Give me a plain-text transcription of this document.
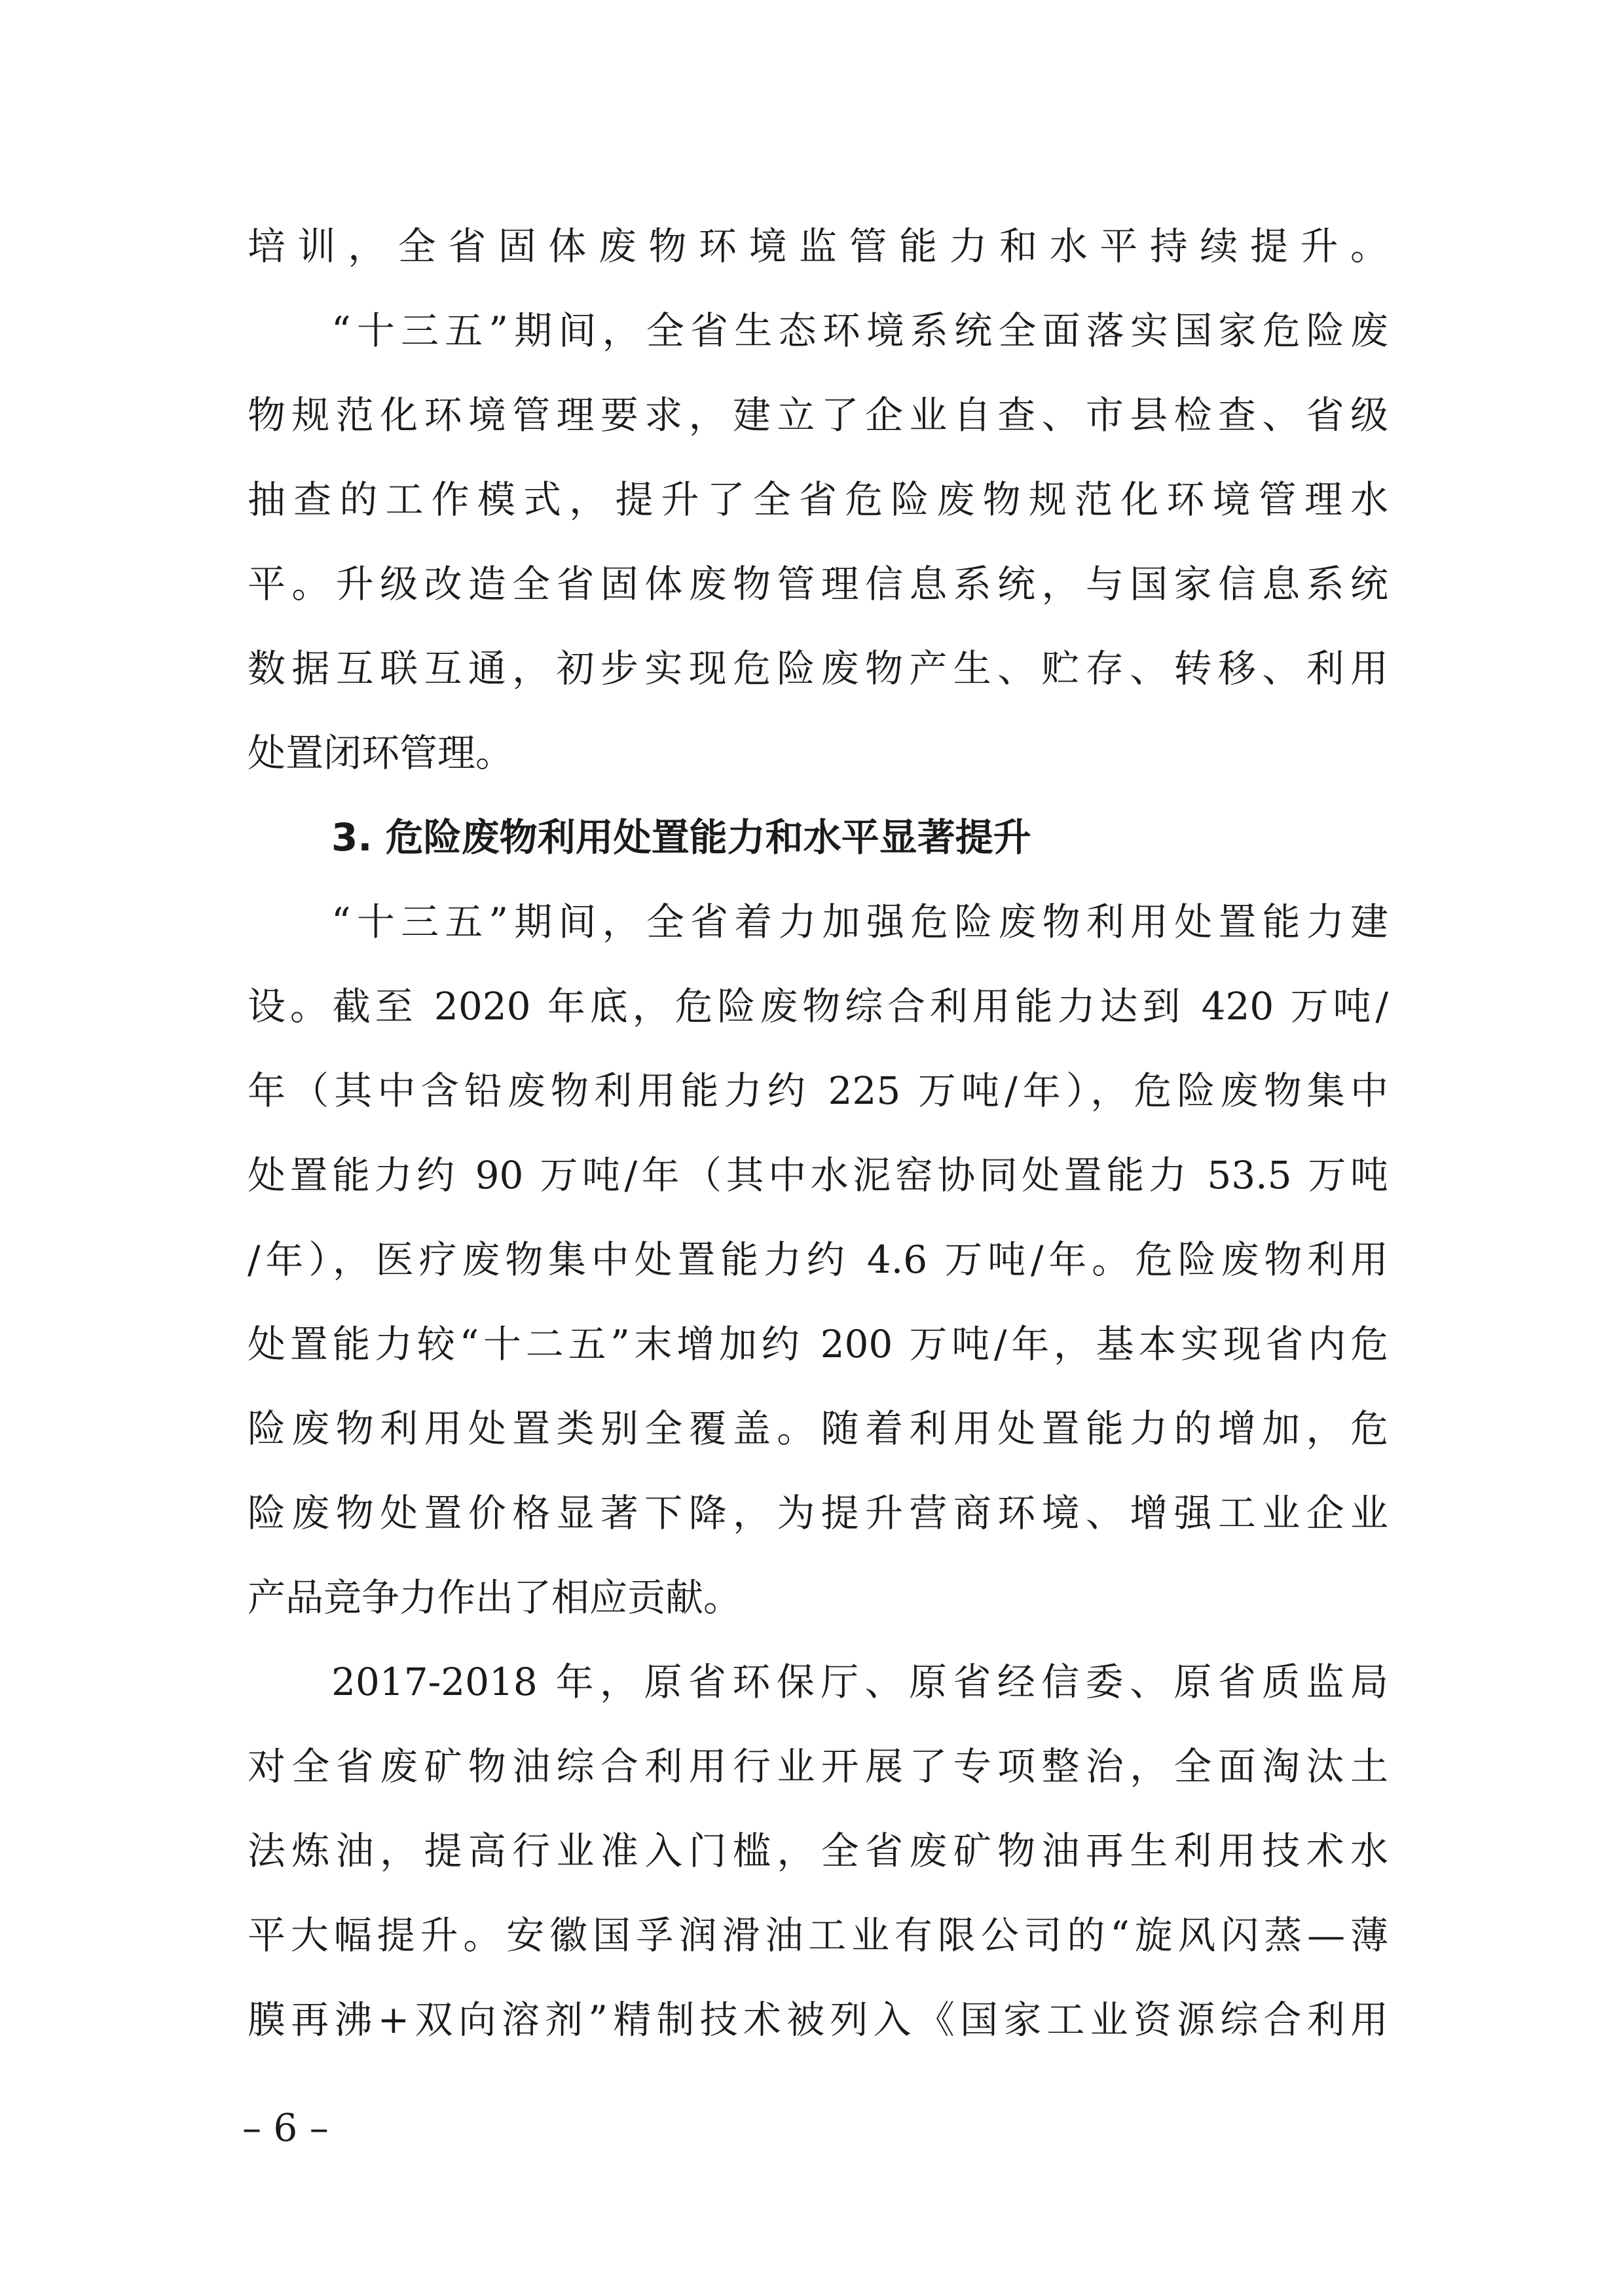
培训，全省固体废物环境监管能力和水平持续提升。
“十三五”期间，全省生态环境系统全面落实国家危险废
物规范化环境管理要求，建立了企业自查、市县检查、省级
抽查的工作模式，提升了全省危险废物规范化环境管理水
平。升级改造全省固体废物管理信息系统，与国家信息系统
数据互联互通，初步实现危险废物产生、贮存、转移、利用
处置闭环管理。
3. 危险废物利用处置能力和水平显著提升
“十三五”期间，全省着力加强危险废物利用处置能力建
设。截至 2020 年底，危险废物综合利用能力达到 420 万吨/
年（其中含铅废物利用能力约 225 万吨/年），危险废物集中
处置能力约 90 万吨/年（其中水泥窑协同处置能力 53.5 万吨
/年），医疗废物集中处置能力约 4.6 万吨/年。危险废物利用
处置能力较“十二五”末增加约 200 万吨/年，基本实现省内危
险废物利用处置类别全覆盖。随着利用处置能力的增加，危
险废物处置价格显著下降，为提升营商环境、增强工业企业
产品竞争力作出了相应贡献。
2017-2018 年，原省环保厅、原省经信委、原省质监局
对全省废矿物油综合利用行业开展了专项整治，全面淘汰土
法炼油，提高行业准入门槛，全省废矿物油再生利用技术水
平大幅提升。安徽国孚润滑油工业有限公司的“旋风闪蒸—薄
膜再沸+双向溶剂”精制技术被列入《国家工业资源综合利用
– 6 –
